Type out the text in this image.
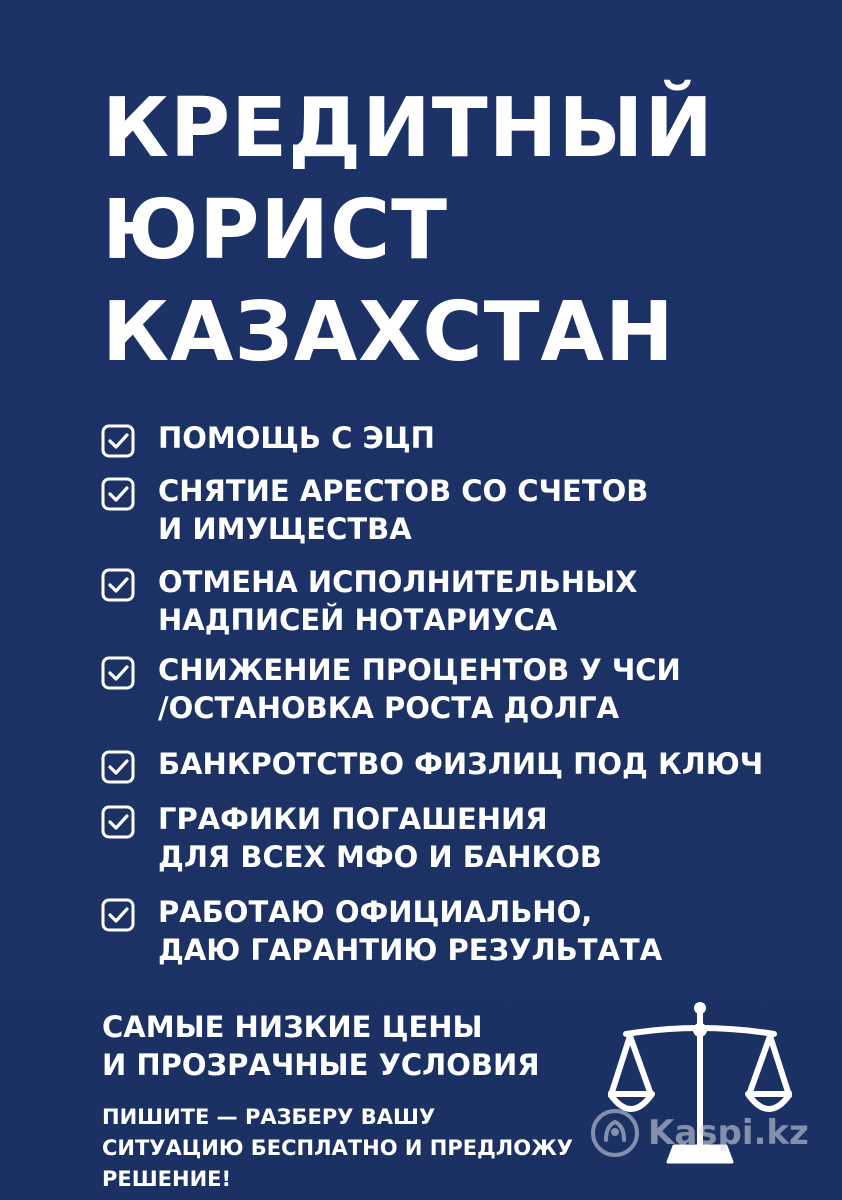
КРЕДИТНЫЙ
ЮРИСТ
КАЗАХСТАН
ПОМОЩЬ С ЭЦП
СНЯТИЕ АРЕСТОВ СО СЧЕТОВ
И ИМУЩЕСТВА
ОТМЕНА ИСПОЛНИТЕЛЬНЫХ
НАДПИСЕЙ НОТАРИУСА
СНИЖЕНИЕ ПРОЦЕНТОВ У ЧСИ
/ОСТАНОВКА РОСТА ДОЛГА
БАНКРОТСТВО ФИЗЛИЦ ПОД КЛЮЧ
ГРАФИКИ ПОГАШЕНИЯ
ДЛЯ ВСЕХ МФО И БАНКОВ
РАБОТАЮ ОФИЦИАЛЬНО,
ДАЮ ГАРАНТИЮ РЕЗУЛЬТАТА
САМЫЕ НИЗКИЕ ЦЕНЫ
И ПРОЗРАЧНЫЕ УСЛОВИЯ
ПИШИТЕ — РАЗБЕРУ ВАШУ
СИТУАЦИЮ БЕСПЛАТНО И ПРЕДЛОЖУ
РЕШЕНИЕ!
Kaspi.kz
